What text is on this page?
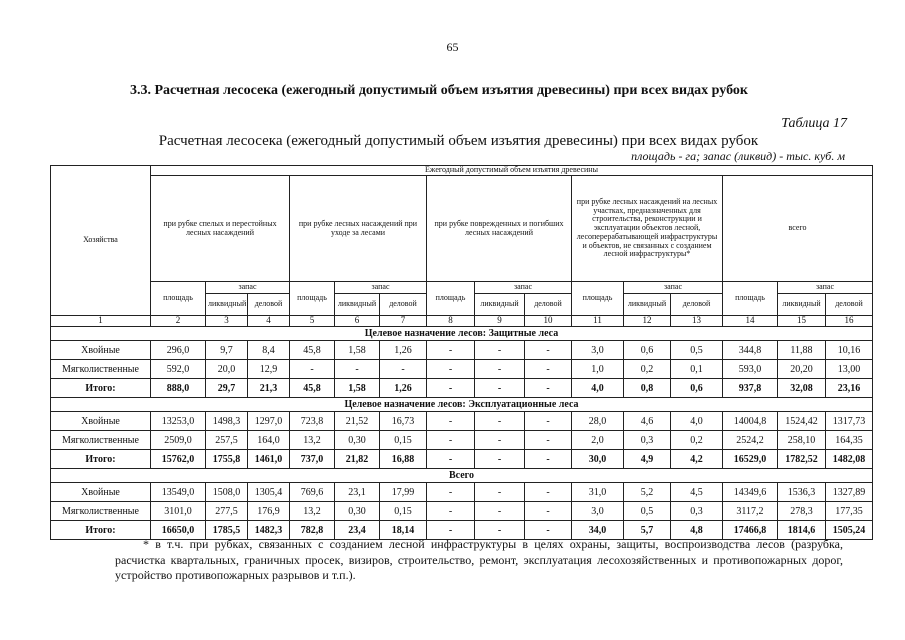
65
3.3. Расчетная лесосека (ежегодный допустимый объем изъятия древесины) при всех видах рубок
Таблица 17
Расчетная лесосека (ежегодный допустимый объем изъятия древесины) при всех видах рубок
площадь - га; запас (ликвид) - тыс. куб. м
Хозяйства	Ежегодный допустимый объем изъятия древесины														
	при рубке спелых и перестойных лесных насаждений			при рубке лесных насаждений при уходе за лесами			при рубке поврежденных и погибших лесных насаждений			при рубке лесных насаждений на лесных участках, предназначенных для строительства, реконструкции и эксплуатации объектов лесной, лесоперерабатывающей инфраструктуры и объектов, не связанных с созданием лесной инфраструктуры*			всего		
	площадь	запас		площадь	запас		площадь	запас		площадь	запас		площадь	запас	
		ликвидный	деловой		ликвидный	деловой		ликвидный	деловой		ликвидный	деловой		ликвидный	деловой
1	2	3	4	5	6	7	8	9	10	11	12	13	14	15	16
Целевое назначение лесов: Защитные леса															
Хвойные	296,0	9,7	8,4	45,8	1,58	1,26	-	-	-	3,0	0,6	0,5	344,8	11,88	10,16
Мягколиственные	592,0	20,0	12,9	-	-	-	-	-	-	1,0	0,2	0,1	593,0	20,20	13,00
Итого:	888,0	29,7	21,3	45,8	1,58	1,26	-	-	-	4,0	0,8	0,6	937,8	32,08	23,16
Целевое назначение лесов: Эксплуатационные леса															
Хвойные	13253,0	1498,3	1297,0	723,8	21,52	16,73	-	-	-	28,0	4,6	4,0	14004,8	1524,42	1317,73
Мягколиственные	2509,0	257,5	164,0	13,2	0,30	0,15	-	-	-	2,0	0,3	0,2	2524,2	258,10	164,35
Итого:	15762,0	1755,8	1461,0	737,0	21,82	16,88	-	-	-	30,0	4,9	4,2	16529,0	1782,52	1482,08
Всего															
Хвойные	13549,0	1508,0	1305,4	769,6	23,1	17,99	-	-	-	31,0	5,2	4,5	14349,6	1536,3	1327,89
Мягколиственные	3101,0	277,5	176,9	13,2	0,30	0,15	-	-	-	3,0	0,5	0,3	3117,2	278,3	177,35
Итого:	16650,0	1785,5	1482,3	782,8	23,4	18,14	-	-	-	34,0	5,7	4,8	17466,8	1814,6	1505,24
* в т.ч. при рубках, связанных с созданием лесной инфраструктуры в целях охраны, защиты, воспроизводства лесов (разрубка, расчистка квартальных, граничных просек, визиров, строительство, ремонт, эксплуатация лесохозяйственных и противопожарных дорог, устройство противопожарных разрывов и т.п.).
